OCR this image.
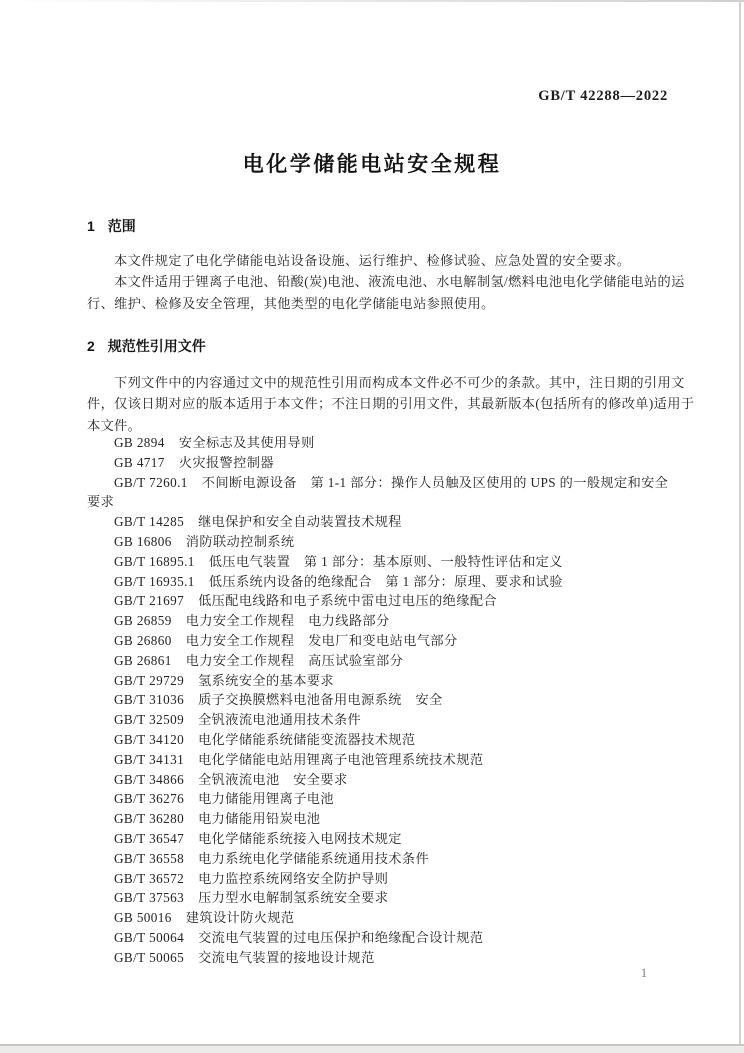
GB/T 42288—2022
电化学储能电站安全规程
1 范围
本文件规定了电化学储能电站设备设施、运行维护、检修试验、应急处置的安全要求。
本文件适用于锂离子电池、铅酸(炭)电池、液流电池、水电解制氢/燃料电池电化学储能电站的运
行、维护、检修及安全管理，其他类型的电化学储能电站参照使用。
2 规范性引用文件
下列文件中的内容通过文中的规范性引用而构成本文件必不可少的条款。其中，注日期的引用文
件，仅该日期对应的版本适用于本文件；不注日期的引用文件，其最新版本(包括所有的修改单)适用于
本文件。
GB 2894 安全标志及其使用导则
GB 4717 火灾报警控制器
GB/T 7260.1 不间断电源设备　第 1-1 部分：操作人员触及区使用的 UPS 的一般规定和安全
要求
GB/T 14285 继电保护和安全自动装置技术规程
GB 16806 消防联动控制系统
GB/T 16895.1 低压电气装置　第 1 部分：基本原则、一般特性评估和定义
GB/T 16935.1 低压系统内设备的绝缘配合　第 1 部分：原理、要求和试验
GB/T 21697 低压配电线路和电子系统中雷电过电压的绝缘配合
GB 26859 电力安全工作规程　电力线路部分
GB 26860 电力安全工作规程　发电厂和变电站电气部分
GB 26861 电力安全工作规程　高压试验室部分
GB/T 29729 氢系统安全的基本要求
GB/T 31036 质子交换膜燃料电池备用电源系统　安全
GB/T 32509 全钒液流电池通用技术条件
GB/T 34120 电化学储能系统储能变流器技术规范
GB/T 34131 电化学储能电站用锂离子电池管理系统技术规范
GB/T 34866 全钒液流电池　安全要求
GB/T 36276 电力储能用锂离子电池
GB/T 36280 电力储能用铅炭电池
GB/T 36547 电化学储能系统接入电网技术规定
GB/T 36558 电力系统电化学储能系统通用技术条件
GB/T 36572 电力监控系统网络安全防护导则
GB/T 37563 压力型水电解制氢系统安全要求
GB 50016 建筑设计防火规范
GB/T 50064 交流电气装置的过电压保护和绝缘配合设计规范
GB/T 50065 交流电气装置的接地设计规范
1
